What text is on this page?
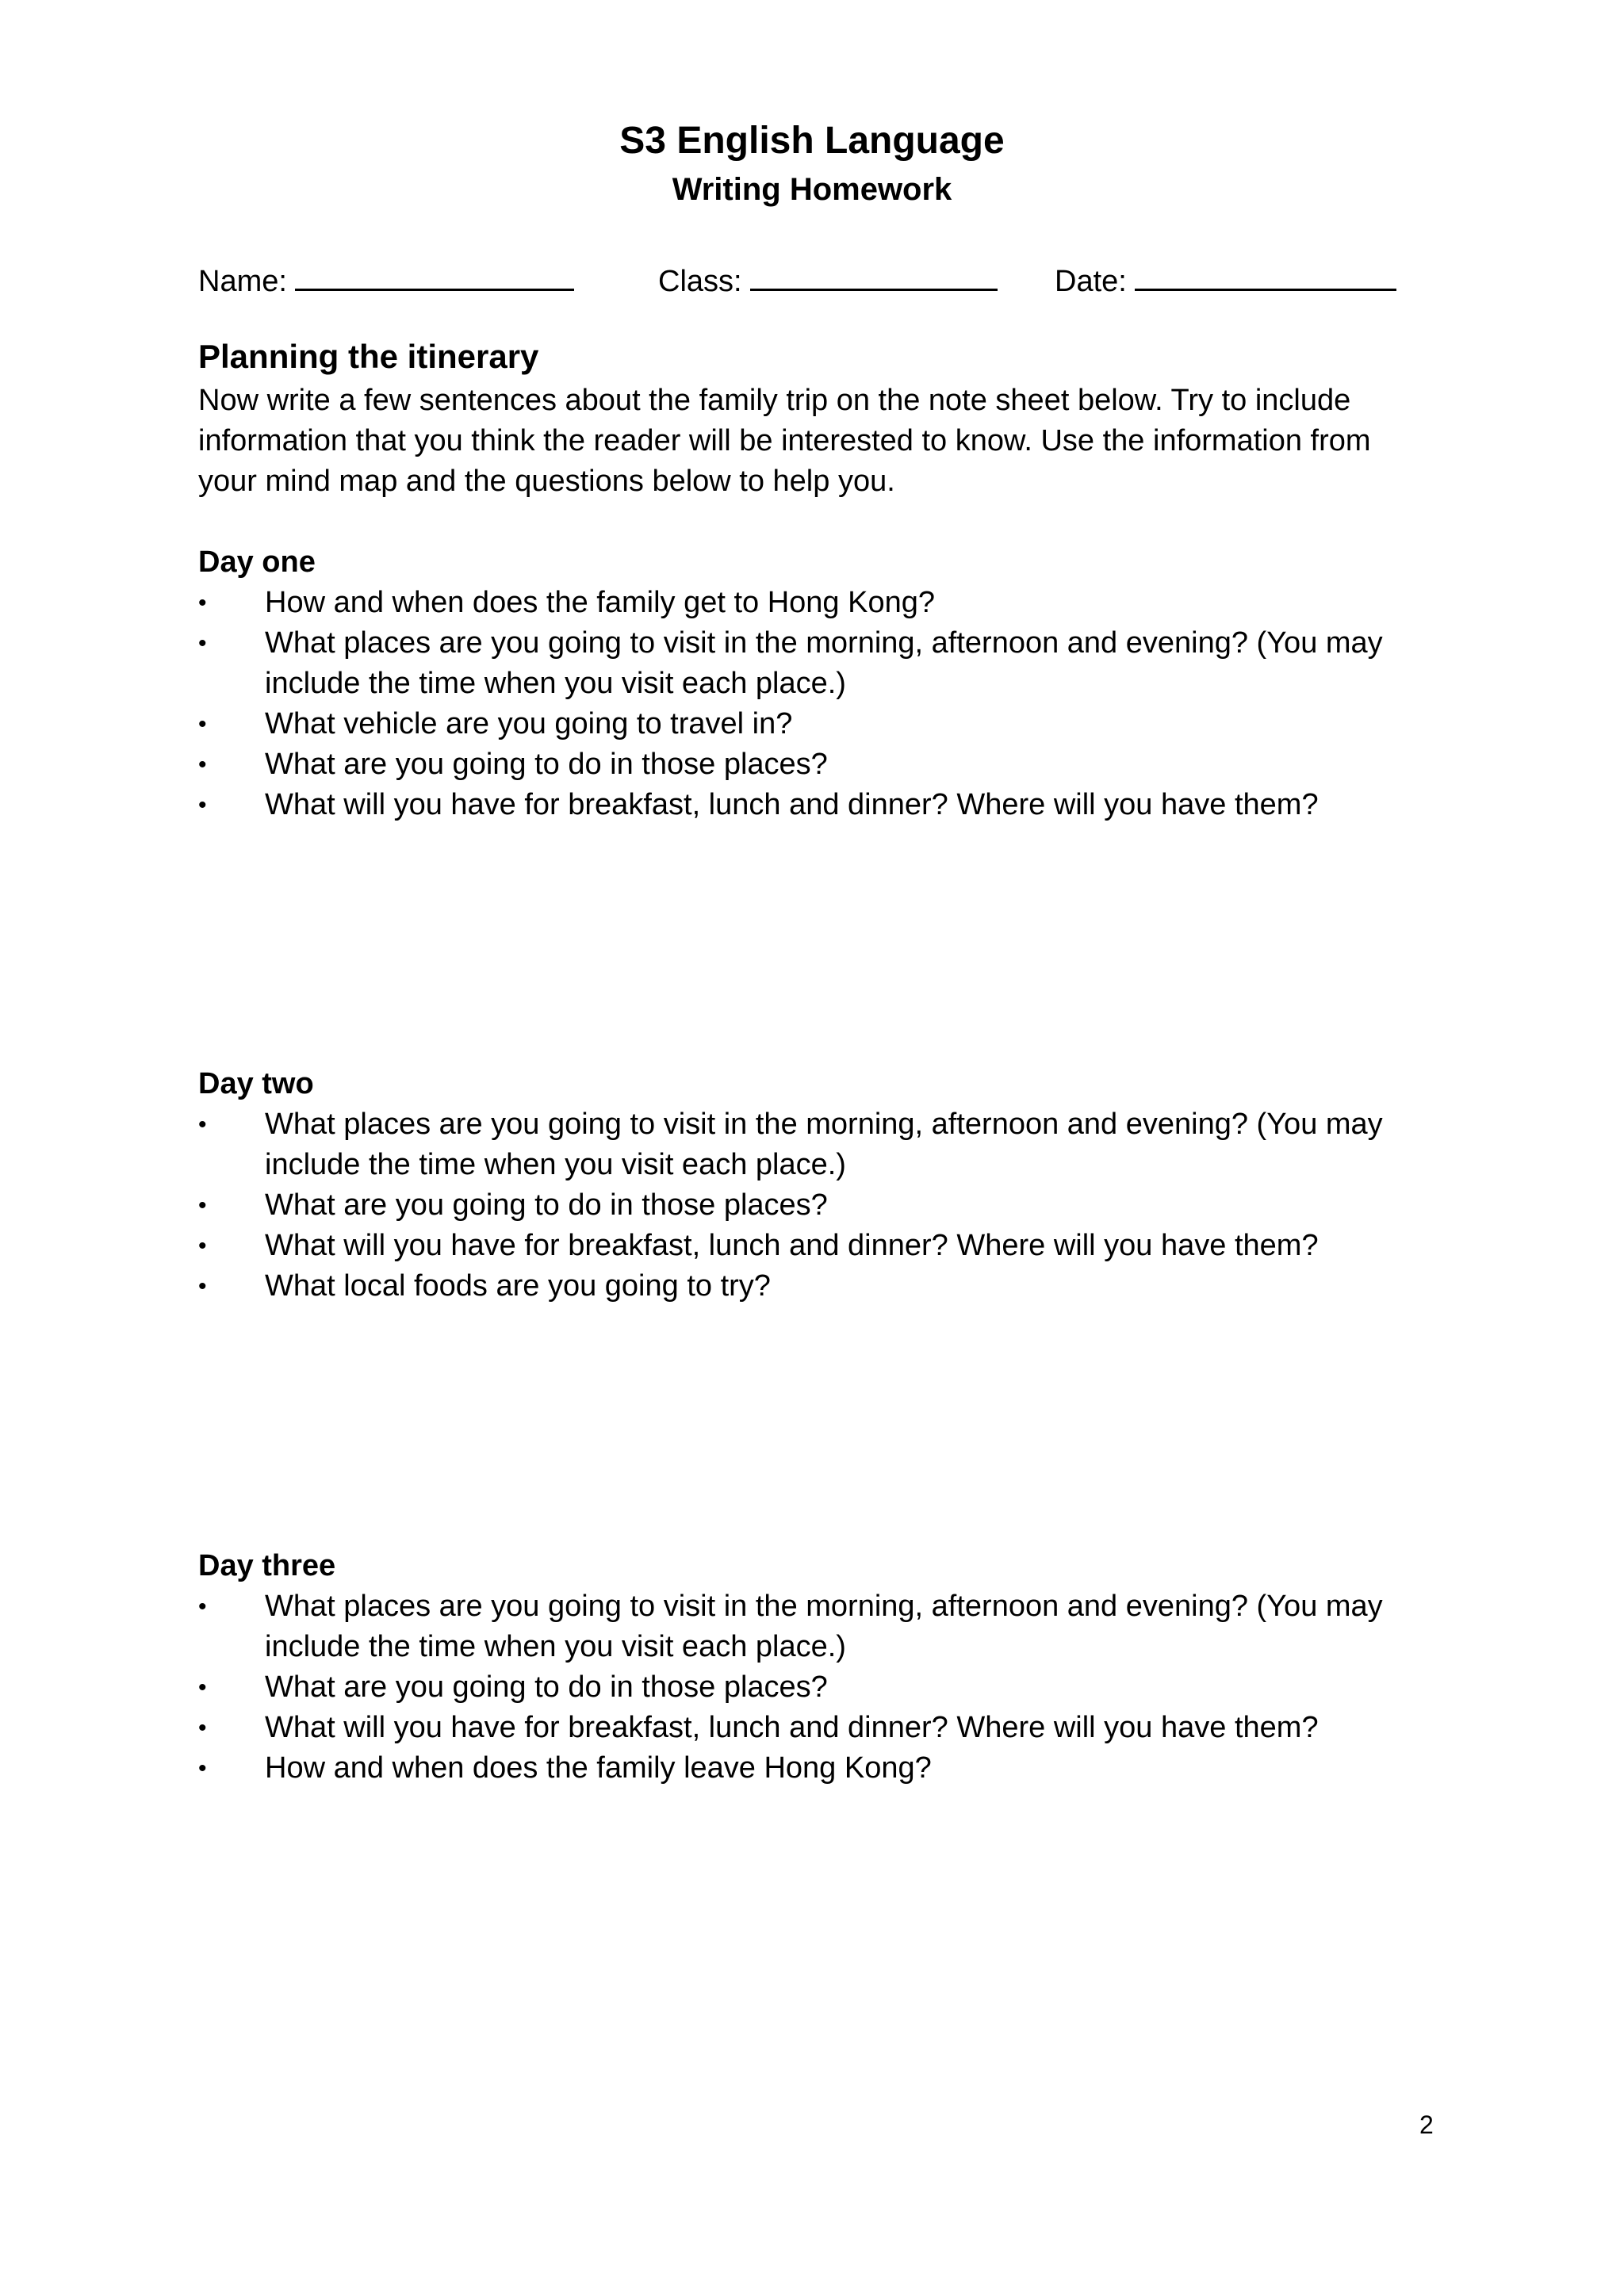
S3 English Language
Writing Homework
Name:	Class:	Date:
Planning the itinerary
Now write a few sentences about the family trip on the note sheet below. Try to include information that you think the reader will be interested to know. Use the information from your mind map and the questions below to help you.
Day one
• How and when does the family get to Hong Kong?
• What places are you going to visit in the morning, afternoon and evening? (You may include the time when you visit each place.)
• What vehicle are you going to travel in?
• What are you going to do in those places?
• What will you have for breakfast, lunch and dinner? Where will you have them?
Day two
• What places are you going to visit in the morning, afternoon and evening? (You may include the time when you visit each place.)
• What are you going to do in those places?
• What will you have for breakfast, lunch and dinner? Where will you have them?
• What local foods are you going to try?
Day three
• What places are you going to visit in the morning, afternoon and evening? (You may include the time when you visit each place.)
• What are you going to do in those places?
• What will you have for breakfast, lunch and dinner? Where will you have them?
• How and when does the family leave Hong Kong?
2
